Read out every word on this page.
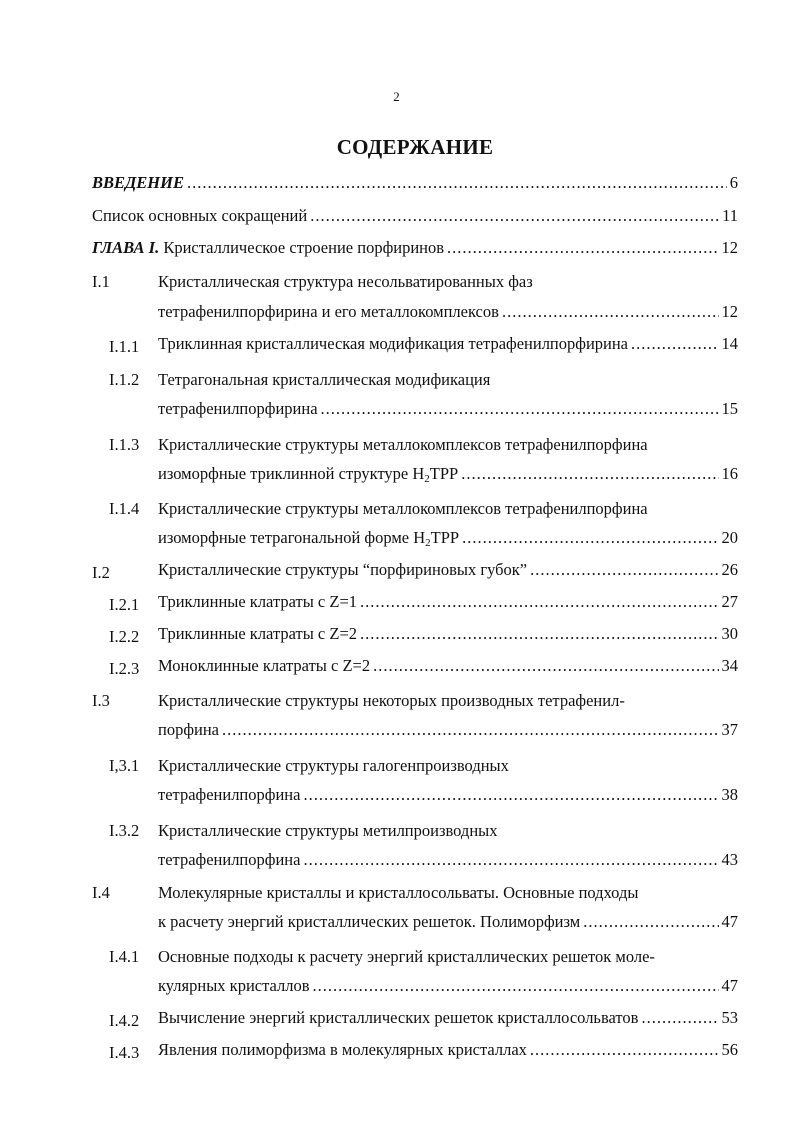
2
СОДЕРЖАНИЕ
ВВЕДЕНИЕ .....	6
Список основных сокращений .....	11
ГЛАВА I. Кристаллическое строение порфиринов .....	12
I.1	Кристаллическая структура несольватированных фаз
тетрафенилпорфирина и его металлокомплексов .....	12
I.1.1 Триклинная кристаллическая модификация тетрафенилпорфирина .....	14
I.1.2 Тетрагональная кристаллическая модификация
тетрафенилпорфирина .....	15
I.1.3 Кристаллические структуры металлокомплексов тетрафенилпорфина
изоморфные триклинной структуре $H_2TPP$ .....	16
I.1.4 Кристаллические структуры металлокомплексов тетрафенилпорфина
изоморфные тетрагональной форме $H_2TPP$ .....	20
I.2	Кристаллические структуры “порфириновых губок” .....	26
I.2.1 Триклинные клатраты с Z=1 .....	27
I.2.2 Триклинные клатраты с Z=2 .....	30
I.2.3 Моноклинные клатраты с Z=2 .....	34
I.3	Кристаллические структуры некоторых производных тетрафенил-
порфина .....	37
I,3.1 Кристаллические структуры галогенпроизводных
тетрафенилпорфина .....	38
I.3.2 Кристаллические структуры метилпроизводных
тетрафенилпорфина .....	43
I.4	Молекулярные кристаллы и кристаллосольваты. Основные подходы
к расчету энергий кристаллических решеток. Полиморфизм .....	47
I.4.1 Основные подходы к расчету энергий кристаллических решеток моле-
кулярных кристаллов .....	47
I.4.2 Вычисление энергий кристаллических решеток кристаллосольватов .....	53
I.4.3 Явления полиморфизма в молекулярных кристаллах .....	56
